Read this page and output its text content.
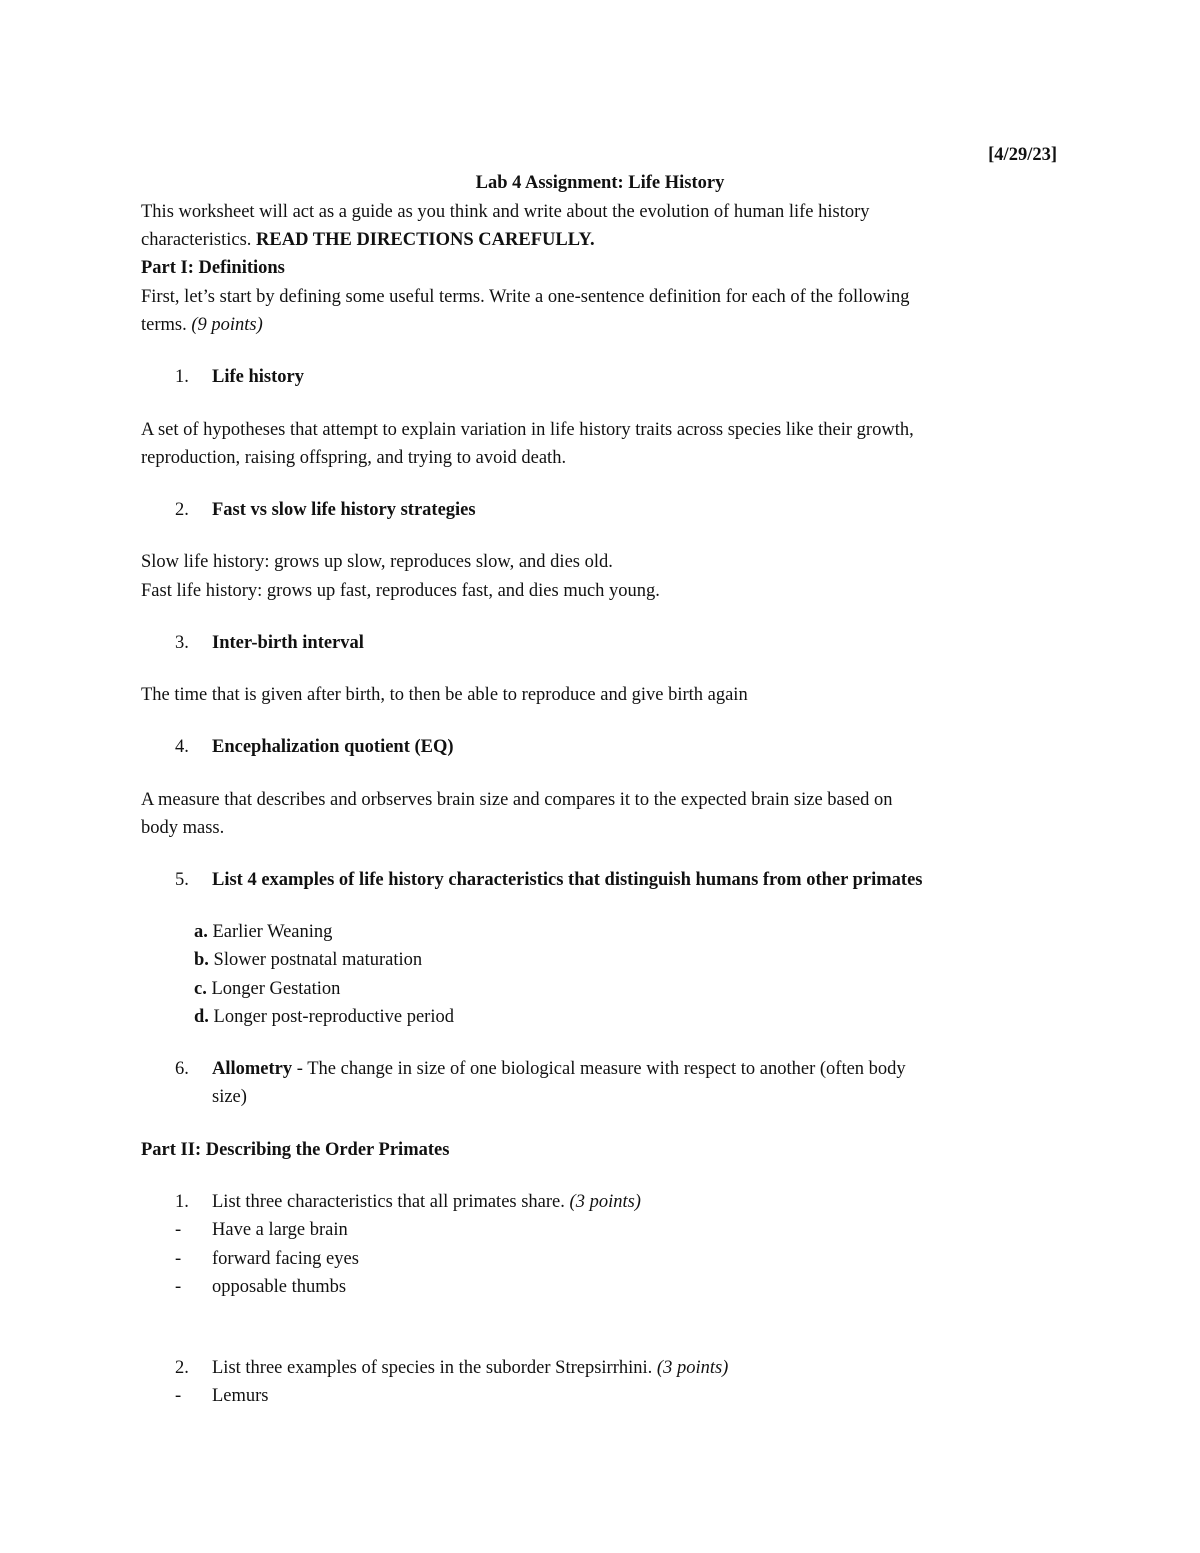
[4/29/23]
Lab 4 Assignment: Life History
This worksheet will act as a guide as you think and write about the evolution of human life history
characteristics. READ THE DIRECTIONS CAREFULLY.
Part I: Definitions
First, let’s start by defining some useful terms. Write a one-sentence definition for each of the following
terms. (9 points)
1. Life history
A set of hypotheses that attempt to explain variation in life history traits across species like their growth,
reproduction, raising offspring, and trying to avoid death.
2. Fast vs slow life history strategies
Slow life history: grows up slow, reproduces slow, and dies old.
Fast life history: grows up fast, reproduces fast, and dies much young.
3. Inter-birth interval
The time that is given after birth, to then be able to reproduce and give birth again
4. Encephalization quotient (EQ)
A measure that describes and orbserves brain size and compares it to the expected brain size based on
body mass.
5. List 4 examples of life history characteristics that distinguish humans from other primates
a. Earlier Weaning
b. Slower postnatal maturation
c. Longer Gestation
d. Longer post-reproductive period
6. Allometry - The change in size of one biological measure with respect to another (often body
size)
Part II: Describing the Order Primates
1. List three characteristics that all primates share. (3 points)
- Have a large brain
- forward facing eyes
- opposable thumbs
2. List three examples of species in the suborder Strepsirrhini. (3 points)
- Lemurs
